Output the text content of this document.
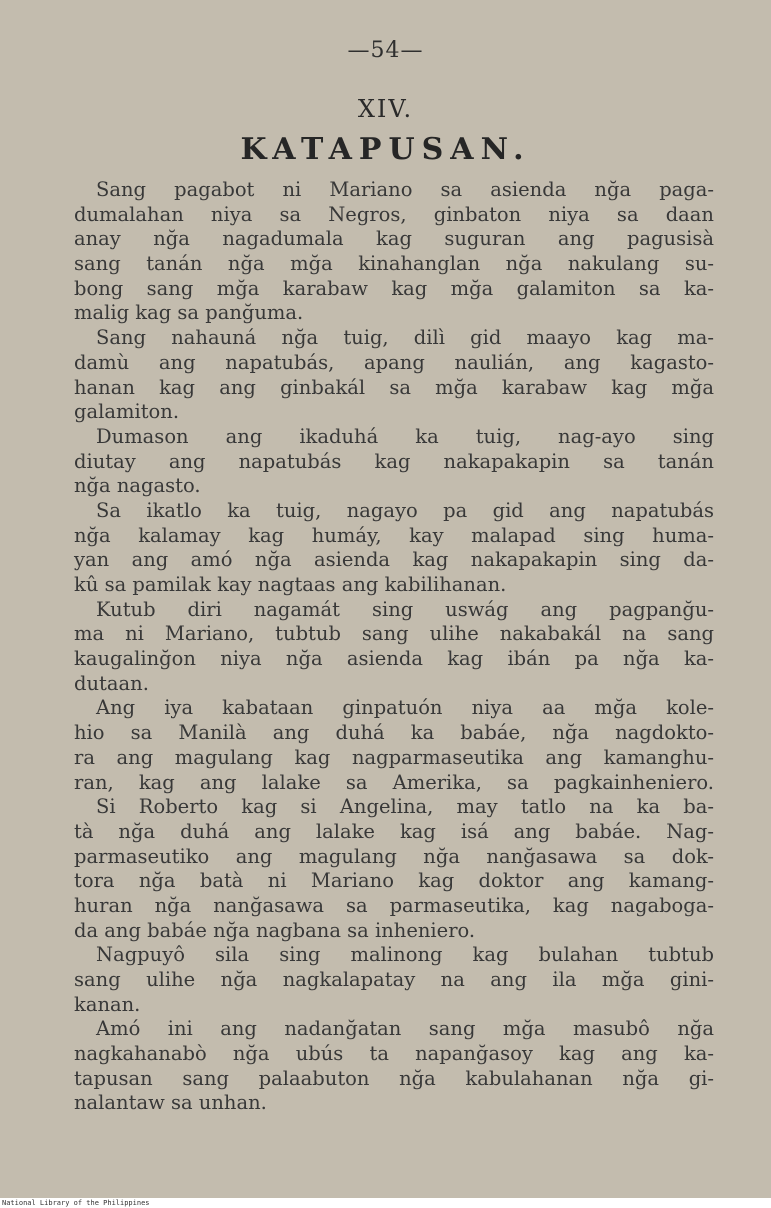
—54—
XIV.
KATAPUSAN.
Sang pagabot ni Mariano sa asienda nğa paga-
dumalahan niya sa Negros, ginbaton niya sa daan
anay nğa nagadumala kag suguran ang pagusisà
sang tanán nğa mğa kinahanglan nğa nakulang su-
bong sang mğa karabaw kag mğa galamiton sa ka-
malig kag sa panğuma.
Sang nahauná nğa tuig, dilì gid maayo kag ma-
damù ang napatubás, apang naulián, ang kagasto-
hanan kag ang ginbakál sa mğa karabaw kag mğa
galamiton.
Dumason ang ikaduhá ka tuig, nag-ayo sing
diutay ang napatubás kag nakapakapin sa tanán
nğa nagasto.
Sa ikatlo ka tuig, nagayo pa gid ang napatubás
nğa kalamay kag humáy, kay malapad sing huma-
yan ang amó nğa asienda kag nakapakapin sing da-
kû sa pamilak kay nagtaas ang kabilihanan.
Kutub diri nagamát sing uswág ang pagpanğu-
ma ni Mariano, tubtub sang ulihe nakabakál na sang
kaugalinğon niya nğa asienda kag ibán pa nğa ka-
dutaan.
Ang iya kabataan ginpatuón niya aa mğa kole-
hio sa Manilà ang duhá ka babáe, nğa nagdokto-
ra ang magulang kag nagparmaseutika ang kamanghu-
ran, kag ang lalake sa Amerika, sa pagkainheniero.
Si Roberto kag si Angelina, may tatlo na ka ba-
tà nğa duhá ang lalake kag isá ang babáe. Nag-
parmaseutiko ang magulang nğa nanğasawa sa dok-
tora nğa batà ni Mariano kag doktor ang kamang-
huran nğa nanğasawa sa parmaseutika, kag nagaboga-
da ang babáe nğa nagbana sa inheniero.
Nagpuyô sila sing malinong kag bulahan tubtub
sang ulihe nğa nagkalapatay na ang ila mğa gini-
kanan.
Amó ini ang nadanğatan sang mğa masubô nğa
nagkahanabò nğa ubús ta napanğasoy kag ang ka-
tapusan sang palaabuton nğa kabulahanan nğa gi-
nalantaw sa unhan.
National Library of the Philippines
